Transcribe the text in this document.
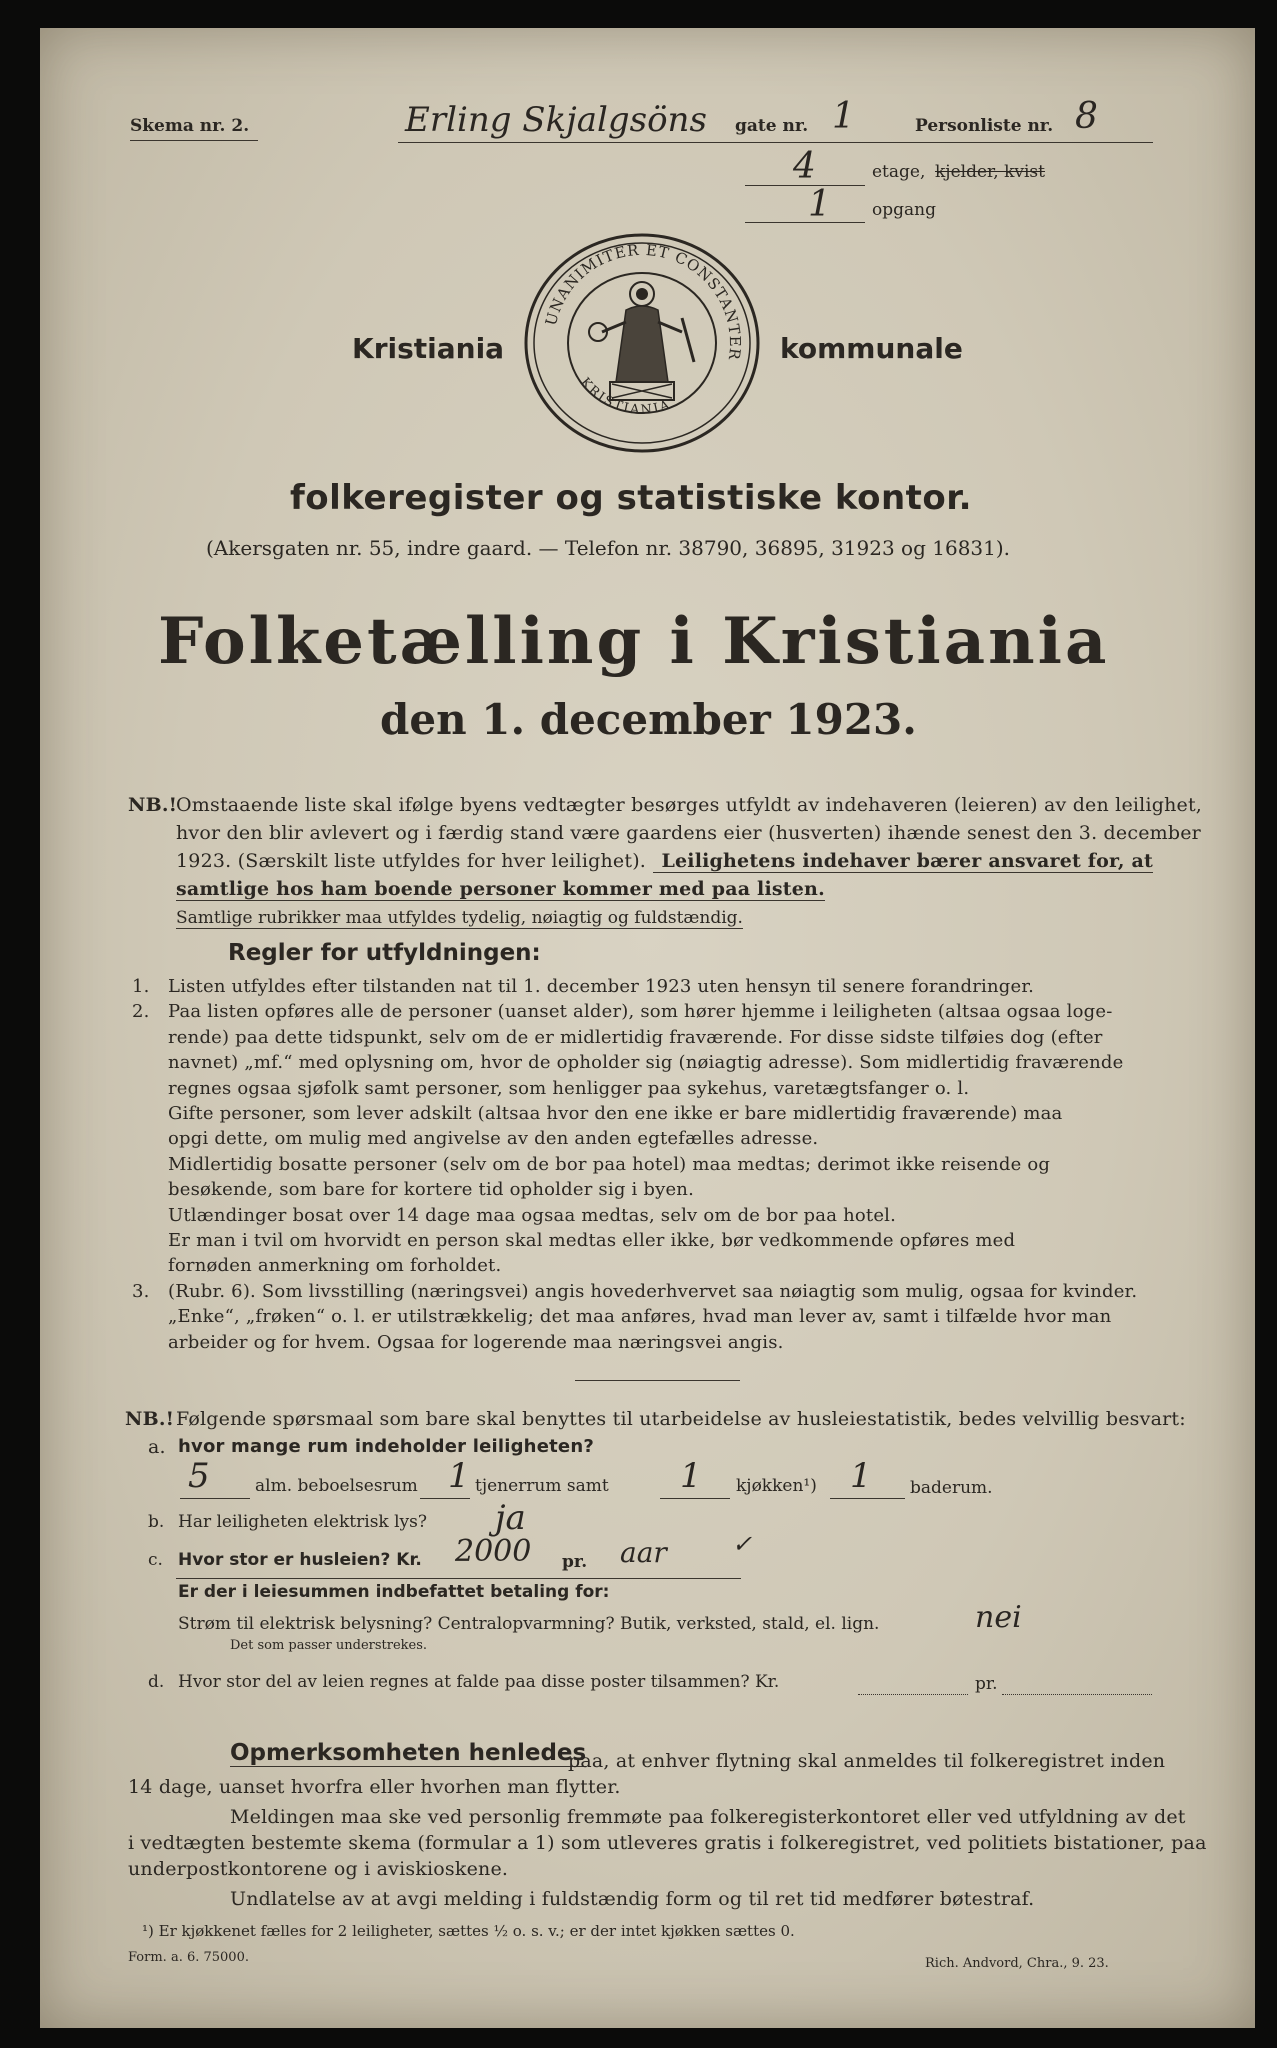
Skema nr. 2.	Erling Skjalgsöns gate nr. 1	Personliste nr. 8
4	etage, kjelder, kvist
1 opgang
Kristiania	kommunale
UNANIMITER ET CONSTANTER
KRISTIANIA
folkeregister og statistiske kontor.
(Akersgaten nr. 55, indre gaard. — Telefon nr. 38790, 36895, 31923 og 16831).
Folketælling i Kristiania
den 1. december 1923.
NB.!
Omstaaende liste skal ifølge byens vedtægter besørges utfyldt av indehaveren (leieren) av den leilighet,
hvor den blir avlevert og i færdig stand være gaardens eier (husverten) ihænde senest den 3. december
1923. (Særskilt liste utfyldes for hver leilighet). Leilighetens indehaver bærer ansvaret for, at
samtlige hos ham boende personer kommer med paa listen.
Samtlige rubrikker maa utfyldes tydelig, nøiagtig og fuldstændig.
Regler for utfyldningen:
1. Listen utfyldes efter tilstanden nat til 1. december 1923 uten hensyn til senere forandringer.
2. Paa listen opføres alle de personer (uanset alder), som hører hjemme i leiligheten (altsaa ogsaa loge-
rende) paa dette tidspunkt, selv om de er midlertidig fraværende. For disse sidste tilføies dog (efter
navnet) „mf.“ med oplysning om, hvor de opholder sig (nøiagtig adresse). Som midlertidig fraværende
regnes ogsaa sjøfolk samt personer, som henligger paa sykehus, varetægtsfanger o. l.
Gifte personer, som lever adskilt (altsaa hvor den ene ikke er bare midlertidig fraværende) maa
opgi dette, om mulig med angivelse av den anden egtefælles adresse.
Midlertidig bosatte personer (selv om de bor paa hotel) maa medtas; derimot ikke reisende og
besøkende, som bare for kortere tid opholder sig i byen.
Utlændinger bosat over 14 dage maa ogsaa medtas, selv om de bor paa hotel.
Er man i tvil om hvorvidt en person skal medtas eller ikke, bør vedkommende opføres med
fornøden anmerkning om forholdet.
3. (Rubr. 6). Som livsstilling (næringsvei) angis hovederhvervet saa nøiagtig som mulig, ogsaa for kvinder.
„Enke“, „frøken“ o. l. er utilstrækkelig; det maa anføres, hvad man lever av, samt i tilfælde hvor man
arbeider og for hvem. Ogsaa for logerende maa næringsvei angis.
NB.! Følgende spørsmaal som bare skal benyttes til utarbeidelse av husleiestatistik, bedes velvillig besvart:
a. hvor mange rum indeholder leiligheten?
5	alm. beboelsesrum 1 tjenerrum samt 1 kjøkken¹) 1 baderum.
b. Har leiligheten elektrisk lys? ja
c. Hvor stor er husleien? Kr. 2000 pr. aar	✓
Er der i leiesummen indbefattet betaling for:
Strøm til elektrisk belysning? Centralopvarmning? Butik, verksted, stald, el. lign.	nei
Det som passer understrekes.
d. Hvor stor del av leien regnes at falde paa disse poster tilsammen? Kr.	pr.
Opmerksomheten henledes
paa, at enhver flytning skal anmeldes til folkeregistret inden
14 dage, uanset hvorfra eller hvorhen man flytter.
Meldingen maa ske ved personlig fremmøte paa folkeregisterkontoret eller ved utfyldning av det
i vedtægten bestemte skema (formular a 1) som utleveres gratis i folkeregistret, ved politiets bistationer, paa
underpostkontorene og i aviskioskene.
Undlatelse av at avgi melding i fuldstændig form og til ret tid medfører bøtestraf.
¹) Er kjøkkenet fælles for 2 leiligheter, sættes ½ o. s. v.; er der intet kjøkken sættes 0.
Form. a. 6. 75000.	Rich. Andvord, Chra., 9. 23.
